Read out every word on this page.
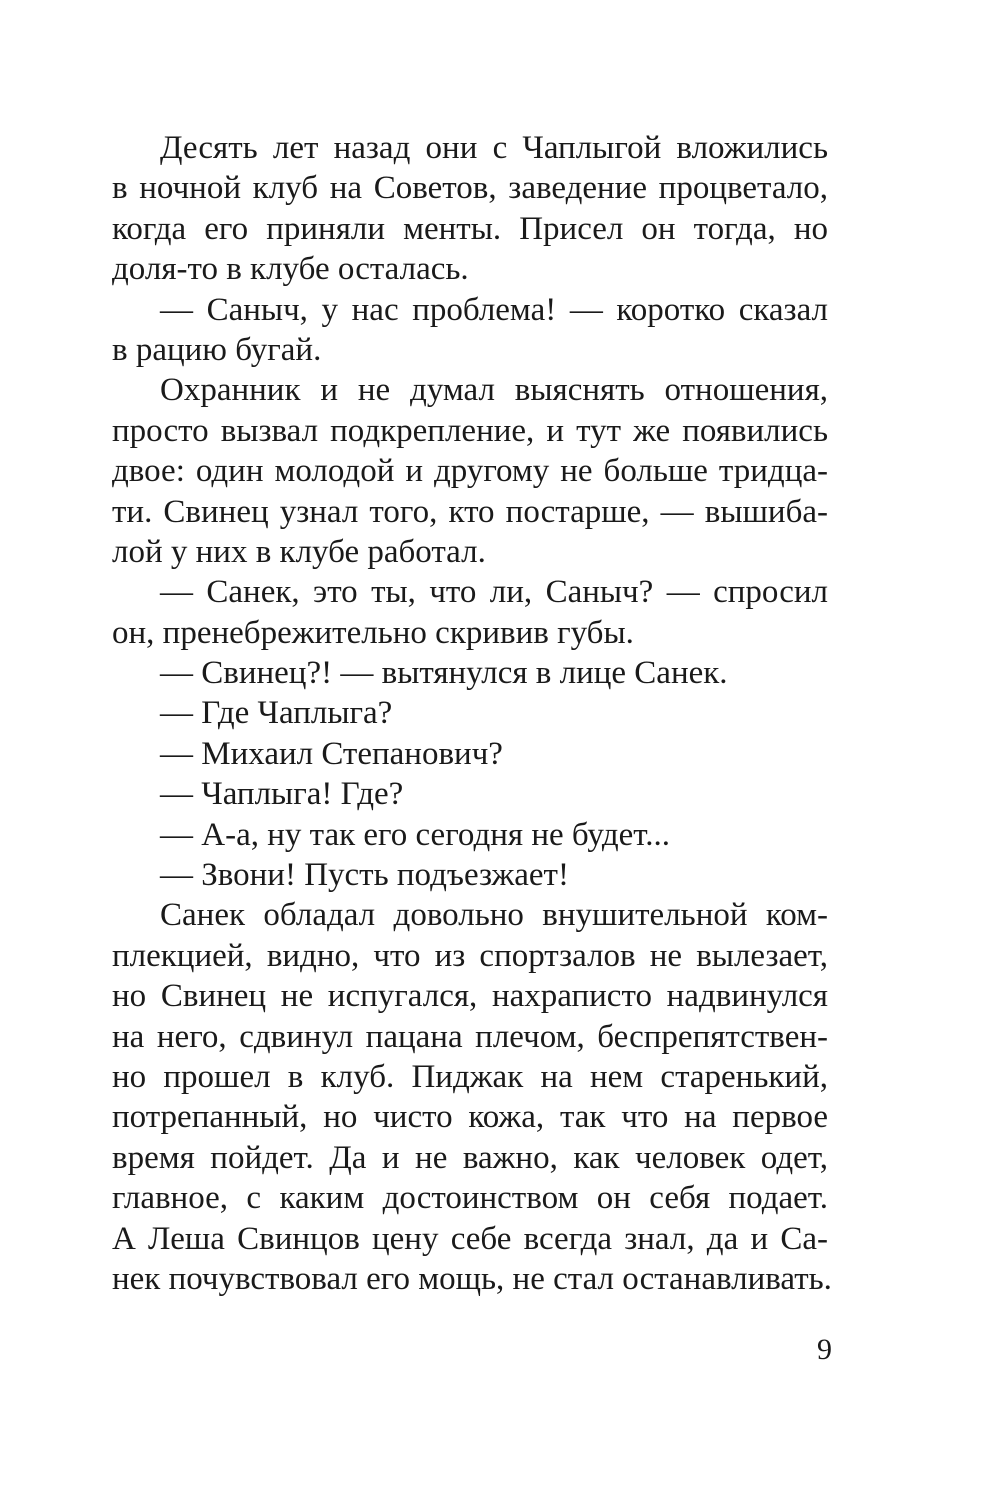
Десять лет назад они с Чаплыгой вложились
в ночной клуб на Советов, заведение процветало,
когда его приняли менты. Присел он тогда, но
доля-то в клубе осталась.
— Саныч, у нас проблема! — коротко сказал
в рацию бугай.
Охранник и не думал выяснять отношения,
просто вызвал подкрепление, и тут же появились
двое: один молодой и другому не больше тридца-
ти. Свинец узнал того, кто постарше, — вышиба-
лой у них в клубе работал.
— Санек, это ты, что ли, Саныч? — спросил
он, пренебрежительно скривив губы.
— Свинец?! — вытянулся в лице Санек.
— Где Чаплыга?
— Михаил Степанович?
— Чаплыга! Где?
— А-а, ну так его сегодня не будет...
— Звони! Пусть подъезжает!
Санек обладал довольно внушительной ком-
плекцией, видно, что из спортзалов не вылезает,
но Свинец не испугался, нахраписто надвинулся
на него, сдвинул пацана плечом, беспрепятствен-
но прошел в клуб. Пиджак на нем старенький,
потрепанный, но чисто кожа, так что на первое
время пойдет. Да и не важно, как человек одет,
главное, с каким достоинством он себя подает.
А Леша Свинцов цену себе всегда знал, да и Са-
нек почувствовал его мощь, не стал останавливать.
9
